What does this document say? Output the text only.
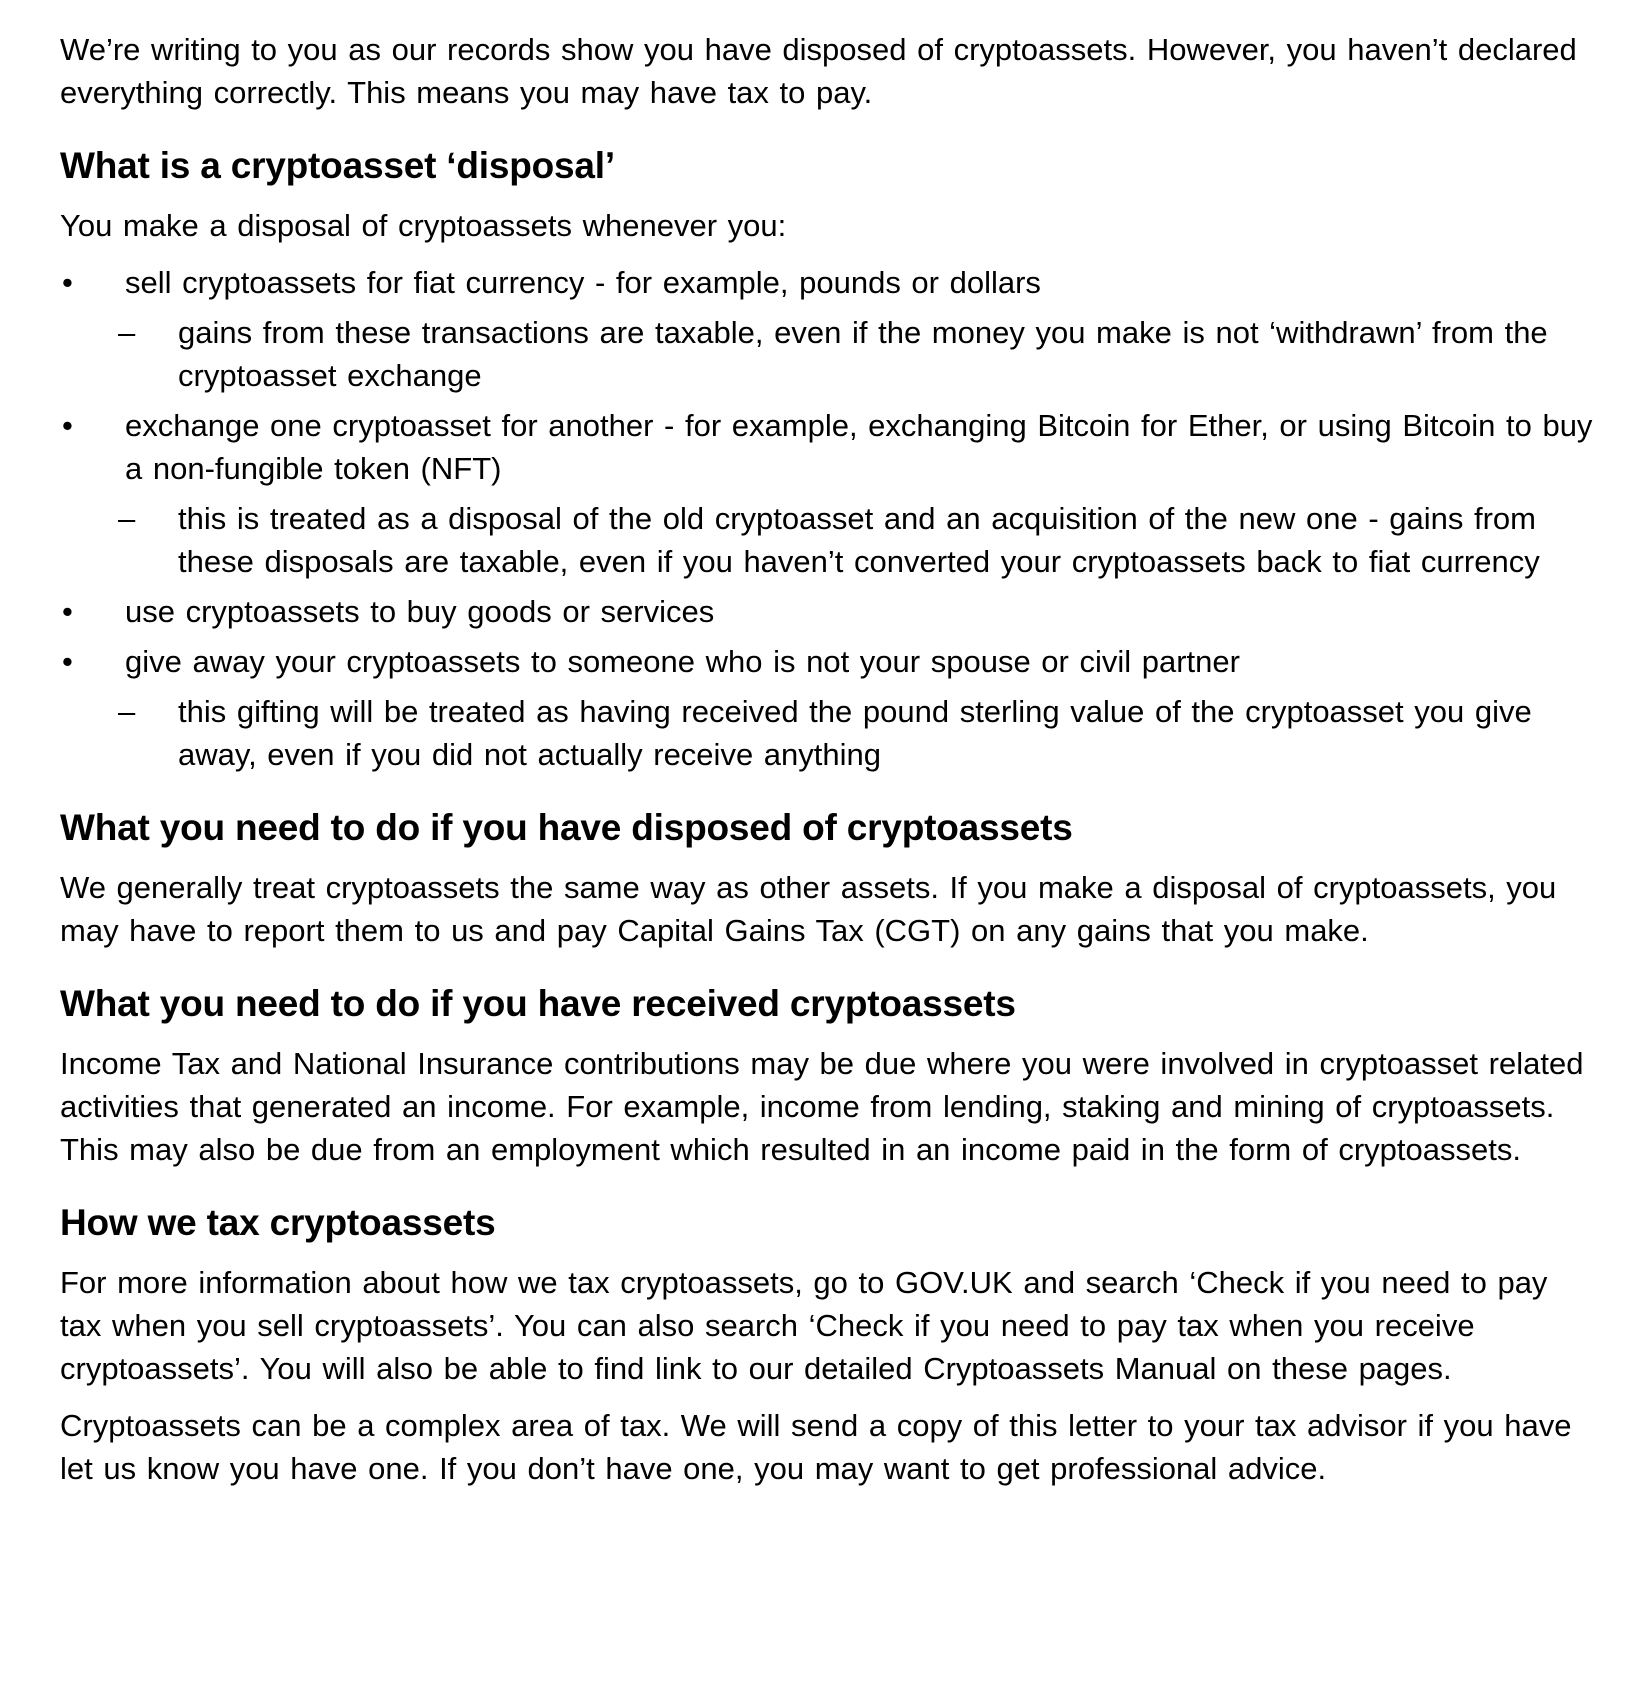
We’re writing to you as our records show you have disposed of cryptoassets. However, you haven’t declared everything correctly. This means you may have tax to pay.

What is a cryptoasset ‘disposal’

You make a disposal of cryptoassets whenever you:

•	sell cryptoassets for fiat currency - for example, pounds or dollars
–	gains from these transactions are taxable, even if the money you make is not ‘withdrawn’ from the cryptoasset exchange
•	exchange one cryptoasset for another - for example, exchanging Bitcoin for Ether, or using Bitcoin to buy a non-fungible token (NFT)
–	this is treated as a disposal of the old cryptoasset and an acquisition of the new one - gains from these disposals are taxable, even if you haven’t converted your cryptoassets back to fiat currency
•	use cryptoassets to buy goods or services
•	give away your cryptoassets to someone who is not your spouse or civil partner
–	this gifting will be treated as having received the pound sterling value of the cryptoasset you give away, even if you did not actually receive anything
What you need to do if you have disposed of cryptoassets

We generally treat cryptoassets the same way as other assets. If you make a disposal of cryptoassets, you may have to report them to us and pay Capital Gains Tax (CGT) on any gains that you make.

What you need to do if you have received cryptoassets

Income Tax and National Insurance contributions may be due where you were involved in cryptoasset related activities that generated an income. For example, income from lending, staking and mining of cryptoassets. This may also be due from an employment which resulted in an income paid in the form of cryptoassets.

How we tax cryptoassets

For more information about how we tax cryptoassets, go to GOV.UK and search ‘Check if you need to pay tax when you sell cryptoassets’. You can also search ‘Check if you need to pay tax when you receive cryptoassets’. You will also be able to find link to our detailed Cryptoassets Manual on these pages.

Cryptoassets can be a complex area of tax. We will send a copy of this letter to your tax advisor if you have let us know you have one. If you don’t have one, you may want to get professional advice.
